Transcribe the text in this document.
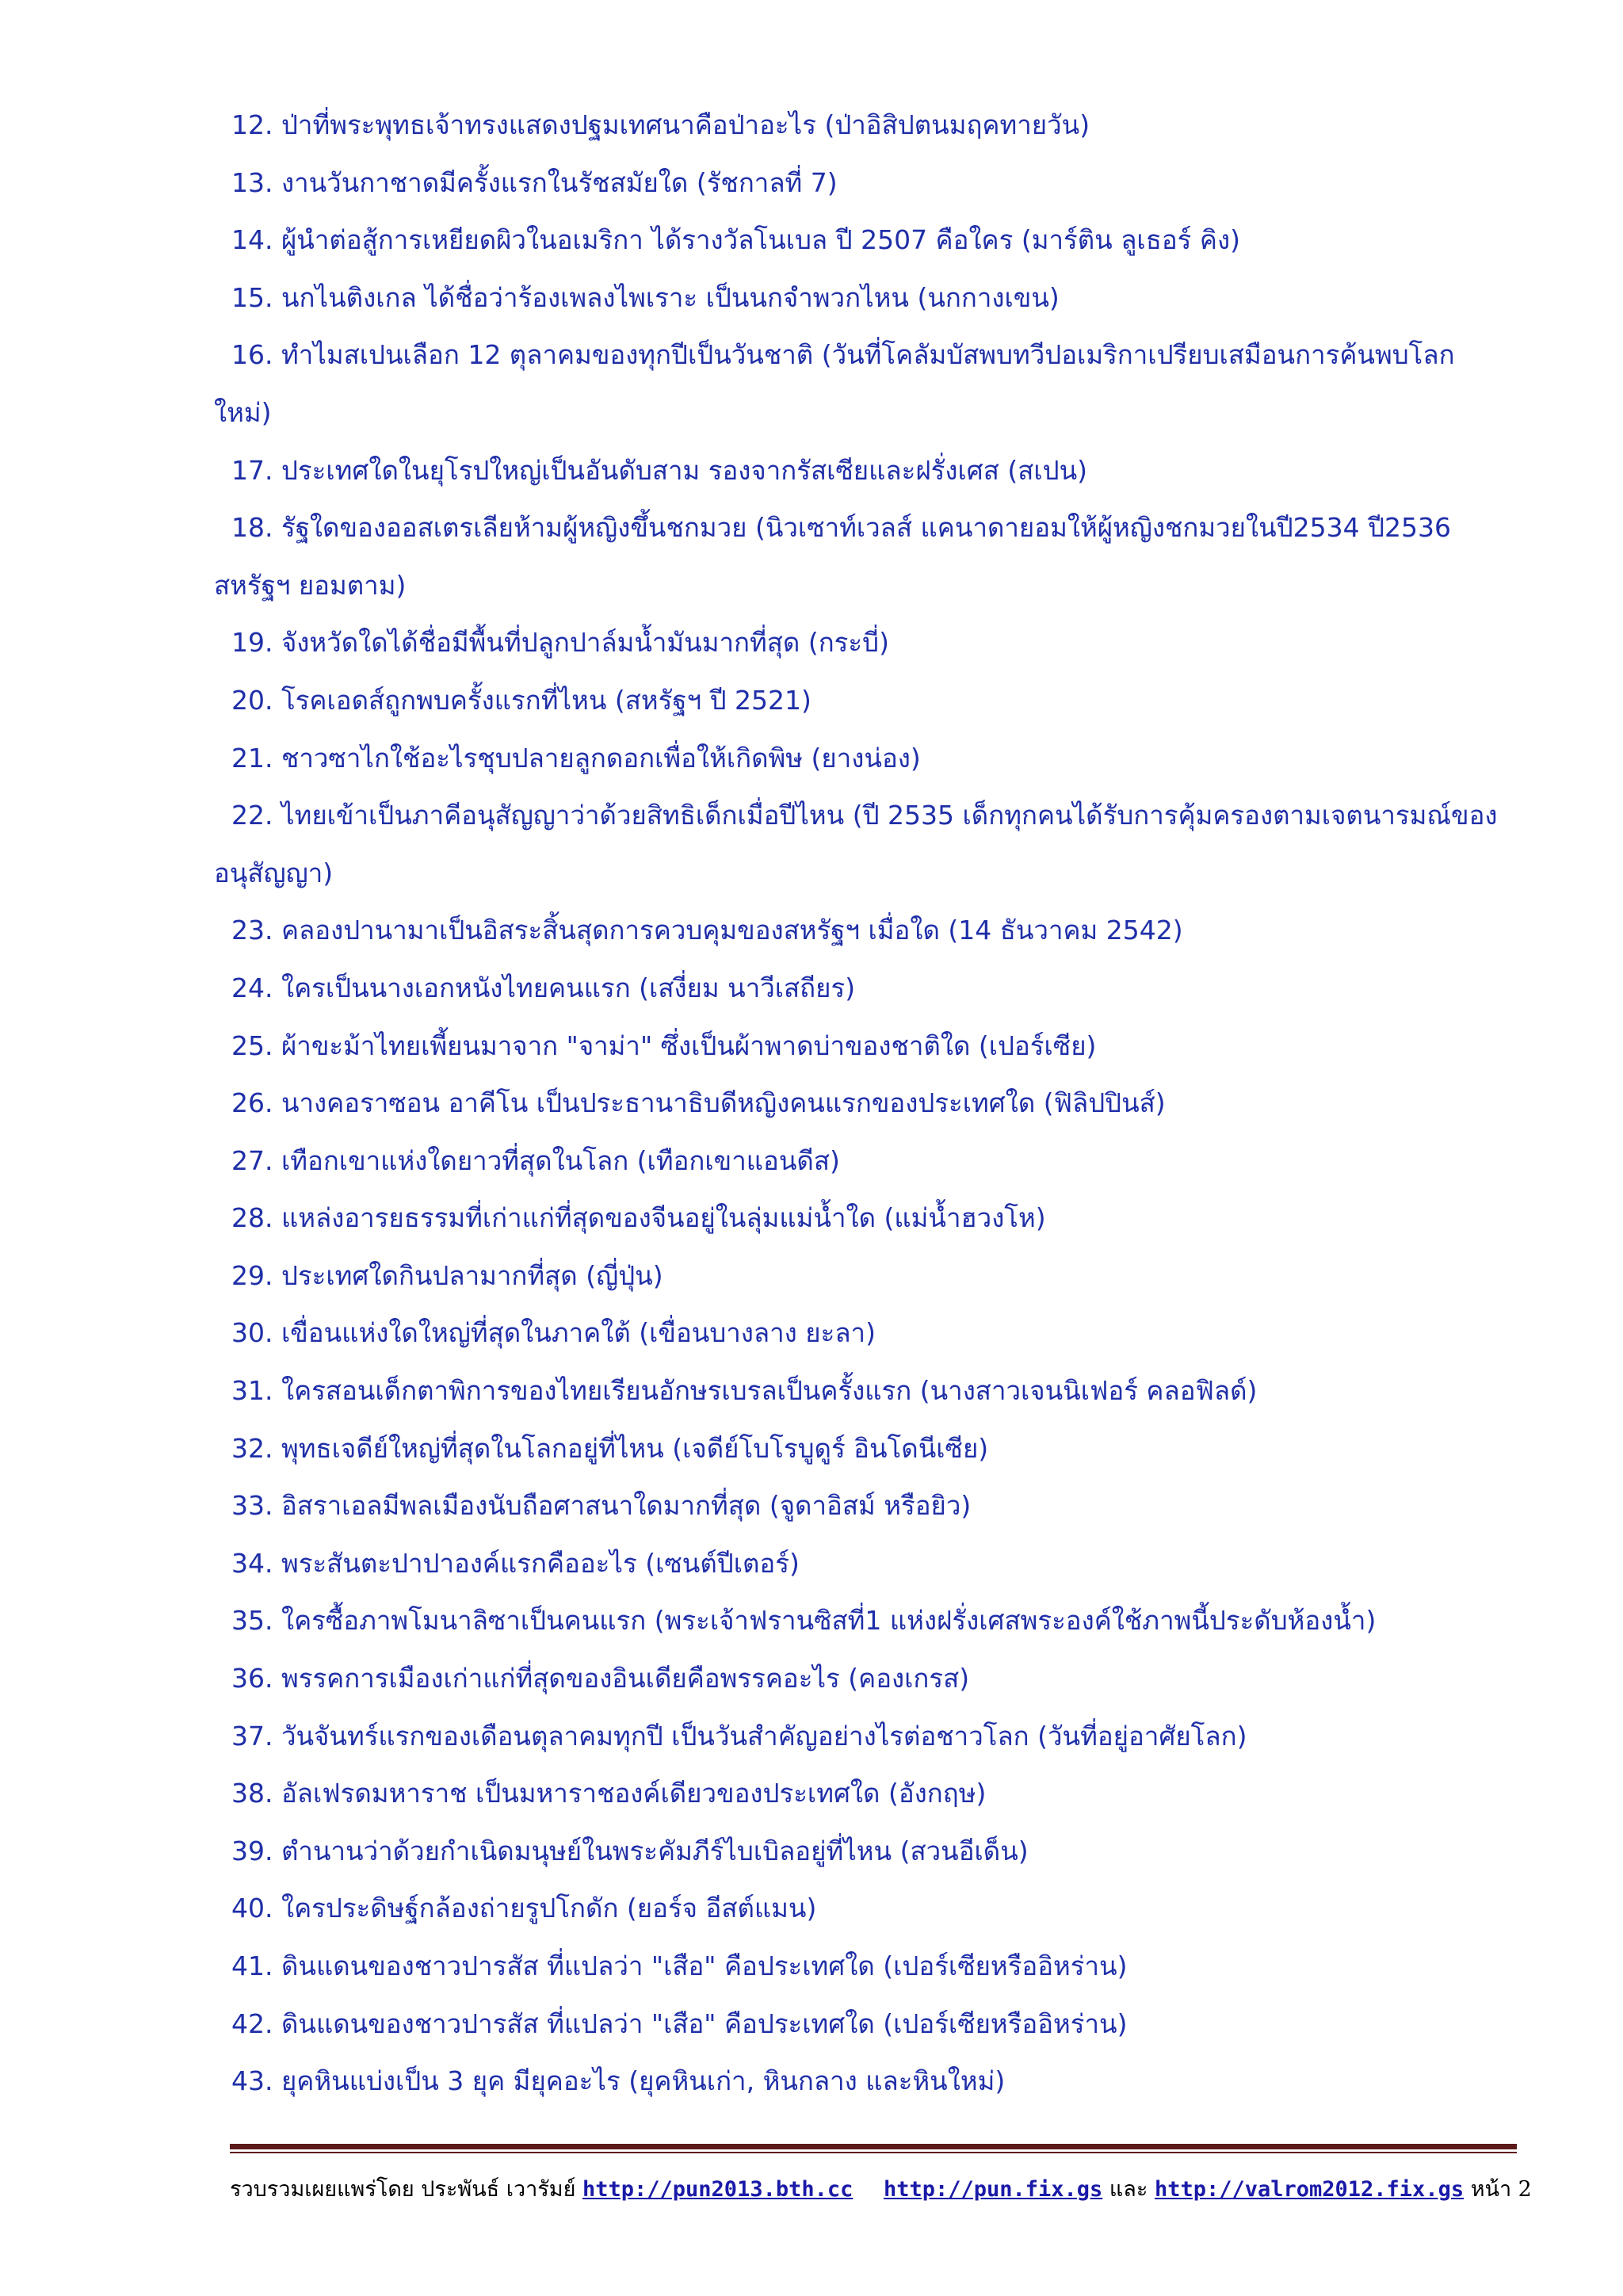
12. ป่าที่พระพุทธเจ้าทรงแสดงปฐมเทศนาคือป่าอะไร (ป่าอิสิปตนมฤคทายวัน)
13. งานวันกาชาดมีครั้งแรกในรัชสมัยใด (รัชกาลที่ 7)
14. ผู้นำต่อสู้การเหยียดผิวในอเมริกา ได้รางวัลโนเบล ปี 2507 คือใคร (มาร์ติน ลูเธอร์ คิง)
15. นกไนติงเกล ได้ชื่อว่าร้องเพลงไพเราะ เป็นนกจำพวกไหน (นกกางเขน)
16. ทำไมสเปนเลือก 12 ตุลาคมของทุกปีเป็นวันชาติ (วันที่โคลัมบัสพบทวีปอเมริกาเปรียบเสมือนการค้นพบโลก
ใหม่)
17. ประเทศใดในยุโรปใหญ่เป็นอันดับสาม รองจากรัสเซียและฝรั่งเศส (สเปน)
18. รัฐใดของออสเตรเลียห้ามผู้หญิงขึ้นชกมวย (นิวเซาท์เวลส์ แคนาดายอมให้ผู้หญิงชกมวยในปี2534 ปี2536
สหรัฐฯ ยอมตาม)
19. จังหวัดใดได้ชื่อมีพื้นที่ปลูกปาล์มน้ำมันมากที่สุด (กระบี่)
20. โรคเอดส์ถูกพบครั้งแรกที่ไหน (สหรัฐฯ ปี 2521)
21. ชาวซาไกใช้อะไรชุบปลายลูกดอกเพื่อให้เกิดพิษ (ยางน่อง)
22. ไทยเข้าเป็นภาคีอนุสัญญาว่าด้วยสิทธิเด็กเมื่อปีไหน (ปี 2535 เด็กทุกคนได้รับการคุ้มครองตามเจตนารมณ์ของ
อนุสัญญา)
23. คลองปานามาเป็นอิสระสิ้นสุดการควบคุมของสหรัฐฯ เมื่อใด (14 ธันวาคม 2542)
24. ใครเป็นนางเอกหนังไทยคนแรก (เสงี่ยม นาวีเสถียร)
25. ผ้าขะม้าไทยเพี้ยนมาจาก "จาม่า" ซึ่งเป็นผ้าพาดบ่าของชาติใด (เปอร์เซีย)
26. นางคอราซอน อาคีโน เป็นประธานาธิบดีหญิงคนแรกของประเทศใด (ฟิลิปปินส์)
27. เทือกเขาแห่งใดยาวที่สุดในโลก (เทือกเขาแอนดีส)
28. แหล่งอารยธรรมที่เก่าแก่ที่สุดของจีนอยู่ในลุ่มแม่น้ำใด (แม่น้ำฮวงโห)
29. ประเทศใดกินปลามากที่สุด (ญี่ปุ่น)
30. เขื่อนแห่งใดใหญ่ที่สุดในภาคใต้ (เขื่อนบางลาง ยะลา)
31. ใครสอนเด็กตาพิการของไทยเรียนอักษรเบรลเป็นครั้งแรก (นางสาวเจนนิเฟอร์ คลอฟิลด์)
32. พุทธเจดีย์ใหญ่ที่สุดในโลกอยู่ที่ไหน (เจดีย์โบโรบูดูร์ อินโดนีเซีย)
33. อิสราเอลมีพลเมืองนับถือศาสนาใดมากที่สุด (จูดาอิสม์ หรือยิว)
34. พระสันตะปาปาองค์แรกคืออะไร (เซนต์ปีเตอร์)
35. ใครซื้อภาพโมนาลิซาเป็นคนแรก (พระเจ้าฟรานซิสที่1 แห่งฝรั่งเศสพระองค์ใช้ภาพนี้ประดับห้องน้ำ)
36. พรรคการเมืองเก่าแก่ที่สุดของอินเดียคือพรรคอะไร (คองเกรส)
37. วันจันทร์แรกของเดือนตุลาคมทุกปี เป็นวันสำคัญอย่างไรต่อชาวโลก (วันที่อยู่อาศัยโลก)
38. อัลเฟรดมหาราช เป็นมหาราชองค์เดียวของประเทศใด (อังกฤษ)
39. ตำนานว่าด้วยกำเนิดมนุษย์ในพระคัมภีร์ไบเบิลอยู่ที่ไหน (สวนอีเด็น)
40. ใครประดิษฐ์กล้องถ่ายรูปโกดัก (ยอร์จ อีสต์แมน)
41. ดินแดนของชาวปารสัส ที่แปลว่า "เสือ" คือประเทศใด (เปอร์เซียหรืออิหร่าน)
42. ดินแดนของชาวปารสัส ที่แปลว่า "เสือ" คือประเทศใด (เปอร์เซียหรืออิหร่าน)
43. ยุคหินแบ่งเป็น 3 ยุค มียุคอะไร (ยุคหินเก่า, หินกลาง และหินใหม่)
รวบรวมเผยแพร่โดย ประพันธ์ เวารัมย์ http://pun2013.bth.cc http://pun.fix.gs และ http://valrom2012.fix.gs หน้า 2
